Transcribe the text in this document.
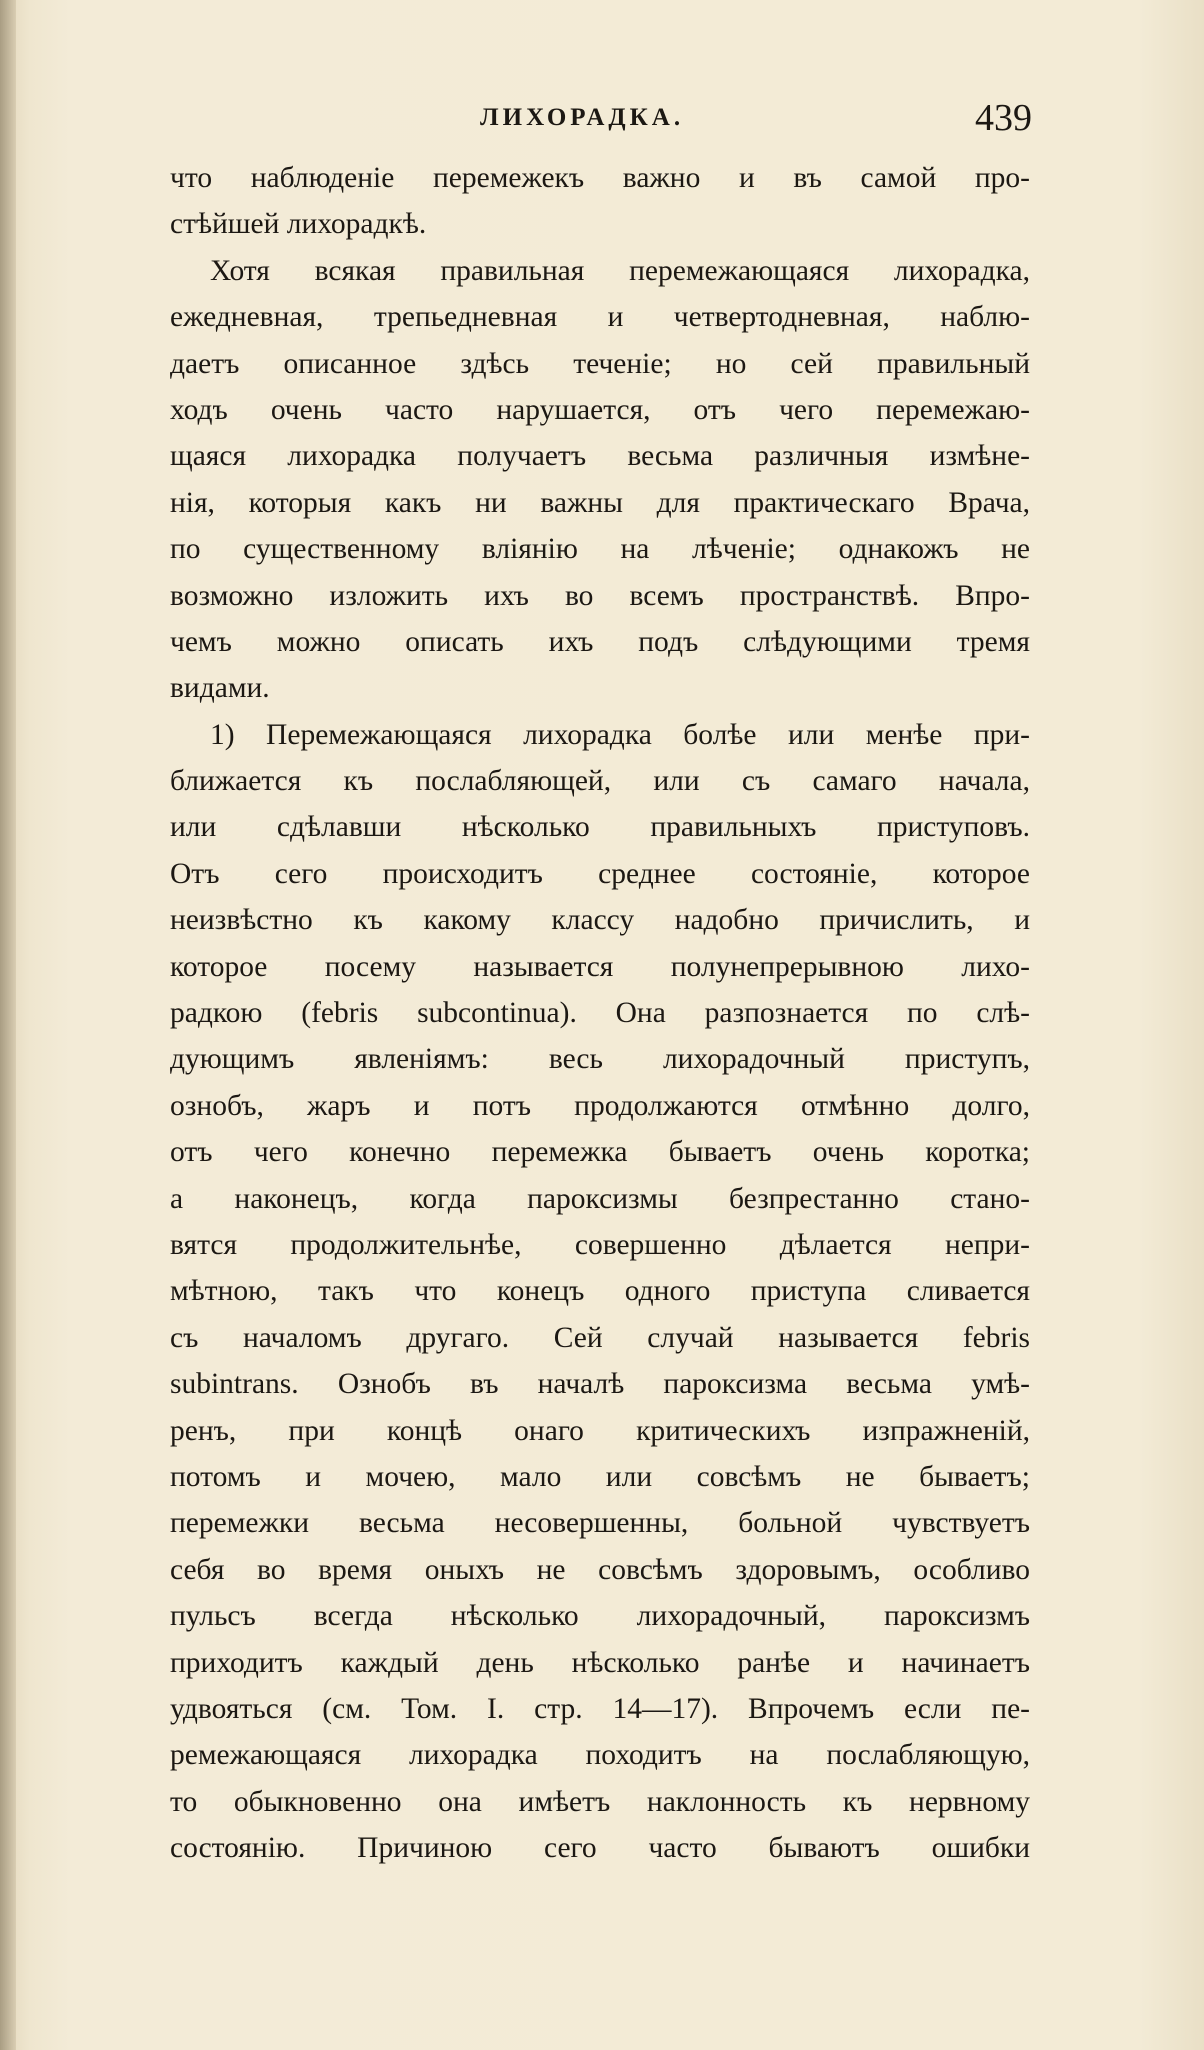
ЛИХОРАДКА.	439
что наблюденіе перемежекъ важно и въ самой про-
стѣйшей лихорадкѣ.
Хотя всякая правильная перемежающаяся лихорадка,
ежедневная, трепьедневная и четвертодневная, наблю-
даетъ описанное здѣсь теченіе; но сей правильный
ходъ очень часто нарушается, отъ чего перемежаю-
щаяся лихорадка получаетъ весьма различныя измѣне-
нія, которыя какъ ни важны для практическаго Врача,
по существенному вліянію на лѣченіе; однакожъ не
возможно изложить ихъ во всемъ пространствѣ. Впро-
чемъ можно описать ихъ подъ слѣдующими тремя
видами.
1) Перемежающаяся лихорадка болѣе или менѣе при-
ближается къ послабляющей, или съ самаго начала,
или сдѣлавши нѣсколько правильныхъ приступовъ.
Отъ сего происходитъ среднее состояніе, которое
неизвѣстно къ какому классу надобно причислить, и
которое посему называется полунепрерывною лихо-
радкою (febris subcontinua). Она разпознается по слѣ-
дующимъ явленіямъ: весь лихорадочный приступъ,
ознобъ, жаръ и потъ продолжаются отмѣнно долго,
отъ чего конечно перемежка бываетъ очень коротка;
а наконецъ, когда пароксизмы безпрестанно стано-
вятся продолжительнѣе, совершенно дѣлается непри-
мѣтною, такъ что конецъ одного приступа сливается
съ началомъ другаго. Сей случай называется febris
subintrans. Ознобъ въ началѣ пароксизма весьма умѣ-
ренъ, при концѣ онаго критическихъ изпражненій,
потомъ и мочею, мало или совсѣмъ не бываетъ;
перемежки весьма несовершенны, больной чувствуетъ
себя во время оныхъ не совсѣмъ здоровымъ, особливо
пульсъ всегда нѣсколько лихорадочный, пароксизмъ
приходитъ каждый день нѣсколько ранѣе и начинаетъ
удвояться (см. Том. I. стр. 14—17). Впрочемъ если пе-
ремежающаяся лихорадка походитъ на послабляющую,
то обыкновенно она имѣетъ наклонность къ нервному
состоянію. Причиною сего часто бываютъ ошибки
